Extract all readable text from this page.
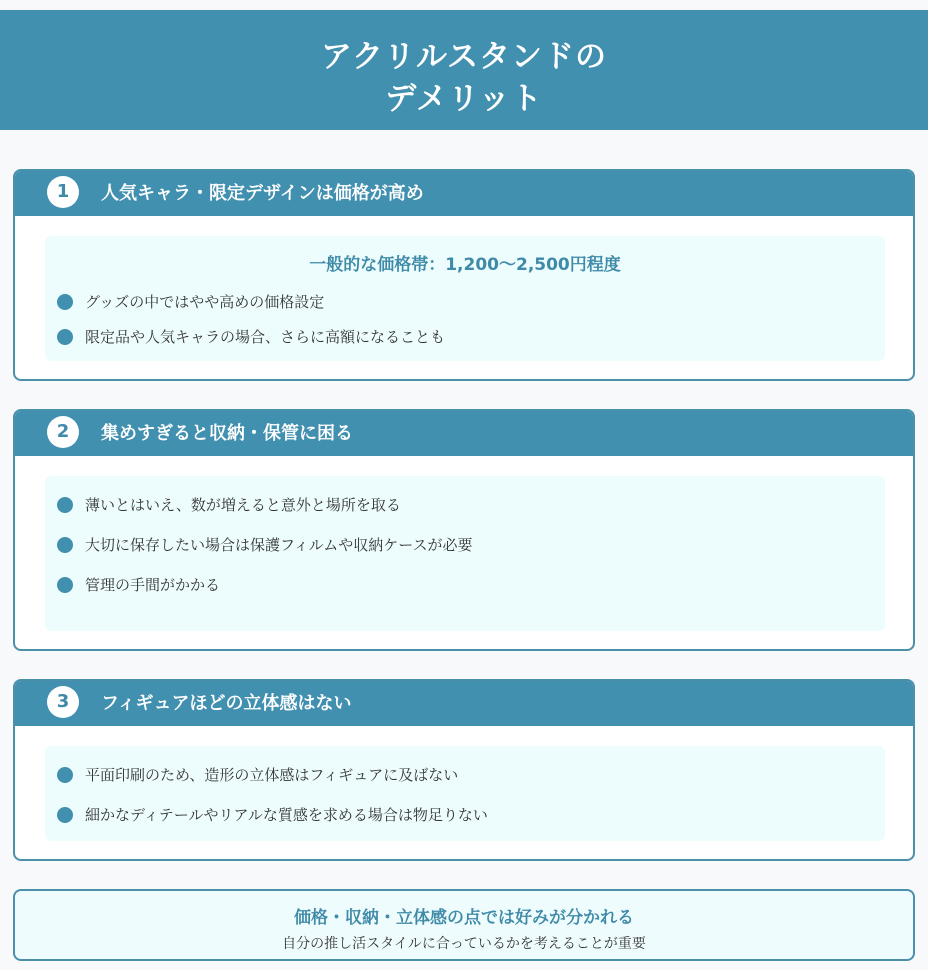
アクリルスタンドの
デメリット
1	人気キャラ・限定デザインは価格が高め
一般的な価格帯：1,200〜2,500円程度
グッズの中ではやや高めの価格設定
限定品や人気キャラの場合、さらに高額になることも
2	集めすぎると収納・保管に困る
薄いとはいえ、数が増えると意外と場所を取る
大切に保存したい場合は保護フィルムや収納ケースが必要
管理の手間がかかる
3	フィギュアほどの立体感はない
平面印刷のため、造形の立体感はフィギュアに及ばない
細かなディテールやリアルな質感を求める場合は物足りない
価格・収納・立体感の点では好みが分かれる
自分の推し活スタイルに合っているかを考えることが重要
